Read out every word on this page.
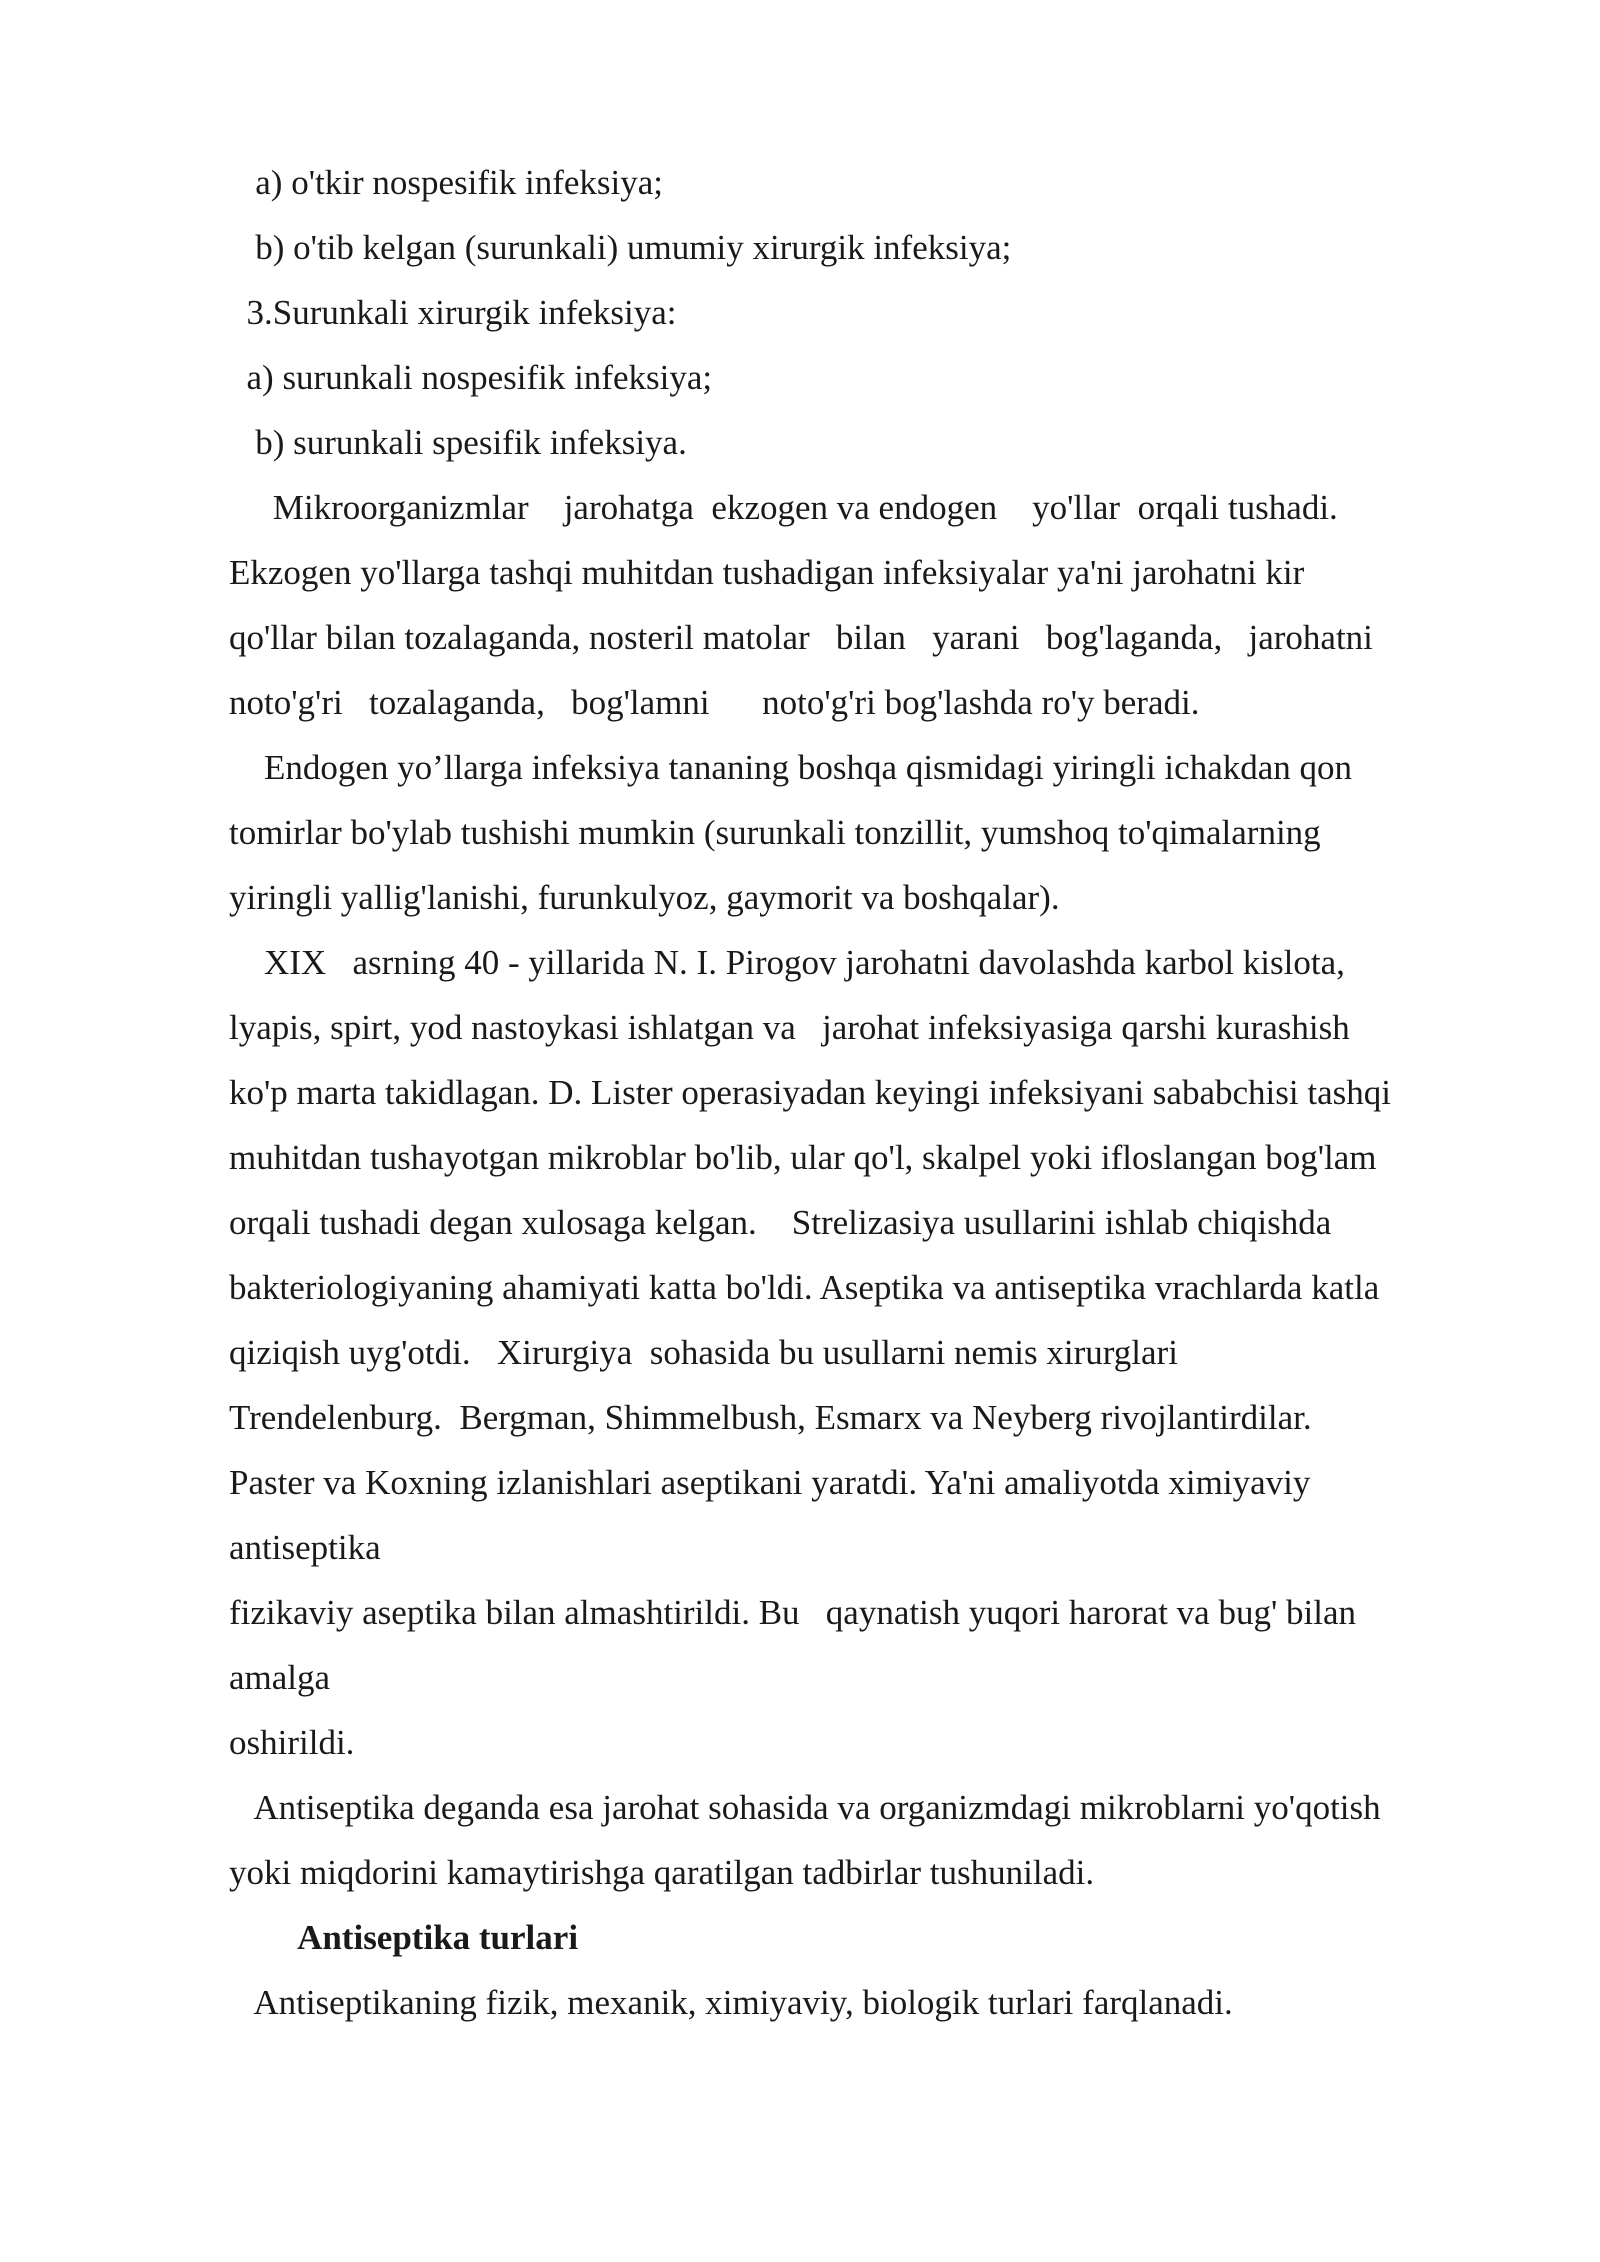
a) o'tkir nospesifik infeksiya;
b) o'tib kelgan (surunkali) umumiy xirurgik infeksiya;
3.Surunkali xirurgik infeksiya:
a) surunkali nospesifik infeksiya;
b) surunkali spesifik infeksiya.
Mikroorganizmlar    jarohatga  ekzogen va endogen    yo'llar  orqali tushadi.
Ekzogen yo'llarga tashqi muhitdan tushadigan infeksiyalar ya'ni jarohatni kir
qo'llar bilan tozalaganda, nosteril matolar   bilan   yarani   bog'laganda,   jarohatni
noto'g'ri   tozalaganda,   bog'lamni      noto'g'ri bog'lashda ro'y beradi.
Endogen yo’llarga infeksiya tananing boshqa qismidagi yiringli ichakdan qon
tomirlar bo'ylab tushishi mumkin (surunkali tonzillit, yumshoq to'qimalarning
yiringli yallig'lanishi, furunkulyoz, gaymorit va boshqalar).
XIX   asrning 40 - yillarida N. I. Pirogov jarohatni davolashda karbol kislota,
lyapis, spirt, yod nastoykasi ishlatgan va   jarohat infeksiyasiga qarshi kurashish
ko'p marta takidlagan. D. Lister operasiyadan keyingi infeksiyani sababchisi tashqi
muhitdan tushayotgan mikroblar bo'lib, ular qo'l, skalpel yoki ifloslangan bog'lam
orqali tushadi degan xulosaga kelgan.    Strelizasiya usullarini ishlab chiqishda
bakteriologiyaning ahamiyati katta bo'ldi. Aseptika va antiseptika vrachlarda katla
qiziqish uyg'otdi.   Xirurgiya  sohasida bu usullarni nemis xirurglari
Trendelenburg.  Bergman, Shimmelbush, Esmarx va Neyberg rivojlantirdilar.
Paster va Koxning izlanishlari aseptikani yaratdi. Ya'ni amaliyotda ximiyaviy
antiseptika
fizikaviy aseptika bilan almashtirildi. Bu   qaynatish yuqori harorat va bug' bilan
amalga
oshirildi.
Antiseptika deganda esa jarohat sohasida va organizmdagi mikroblarni yo'qotish
yoki miqdorini kamaytirishga qaratilgan tadbirlar tushuniladi.
Antiseptika turlari
Antiseptikaning fizik, mexanik, ximiyaviy, biologik turlari farqlanadi.
